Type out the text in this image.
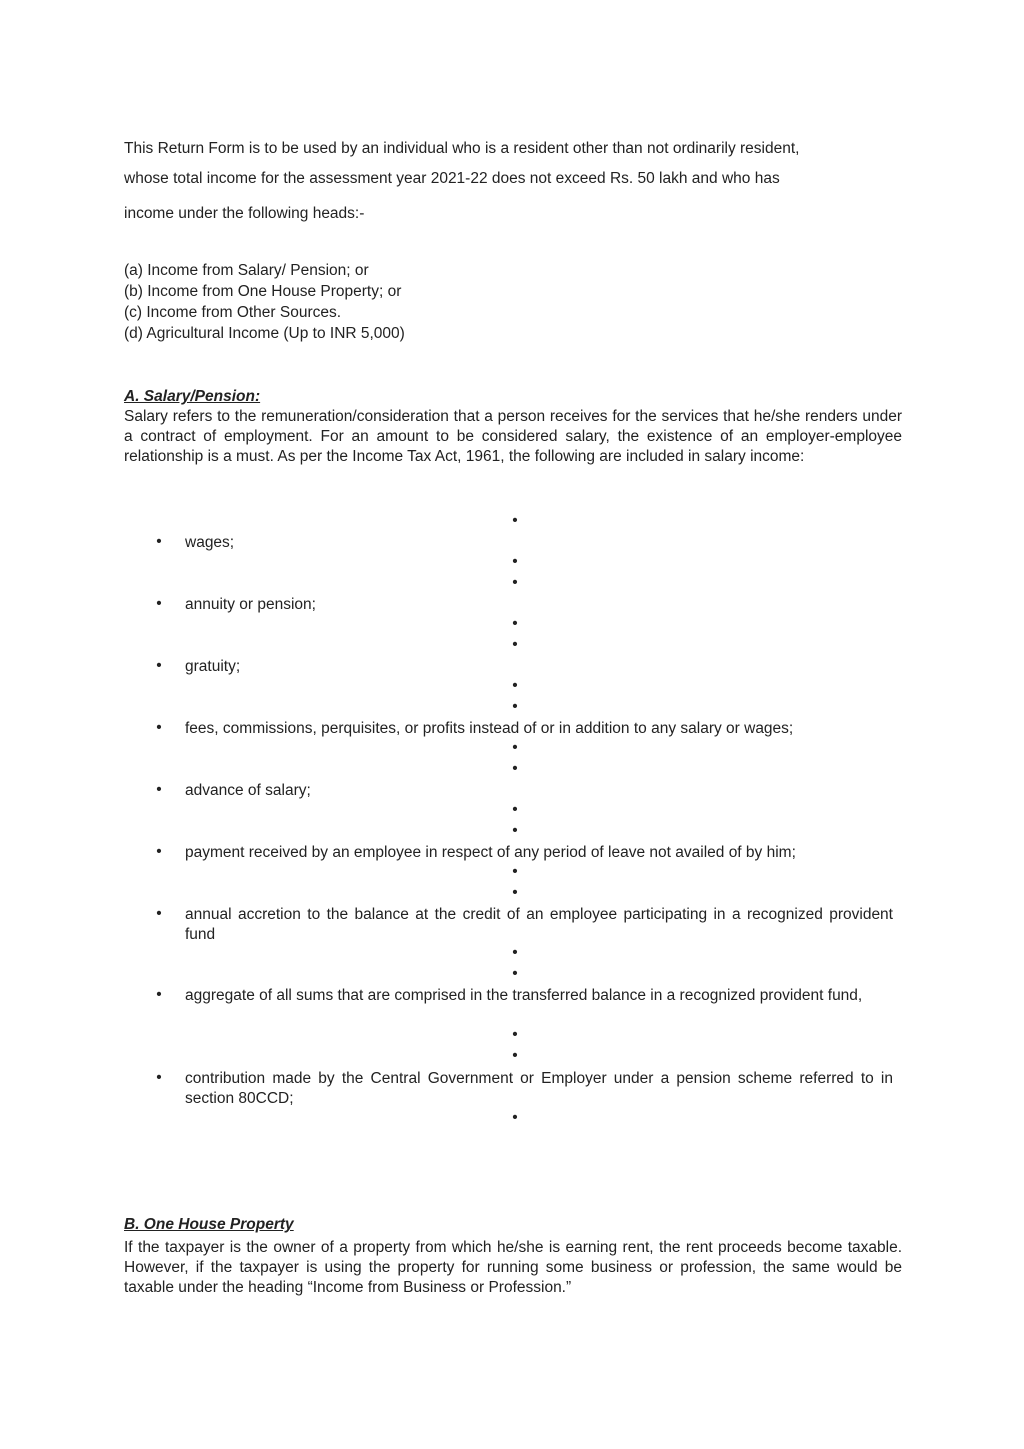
This Return Form is to be used by an individual who is a resident other than not ordinarily resident,
whose total income for the assessment year 2021-22 does not exceed Rs. 50 lakh and who has
income under the following heads:-
(a) Income from Salary/ Pension; or
(b) Income from One House Property; or
(c) Income from Other Sources.
(d) Agricultural Income (Up to INR 5,000)
A. Salary/Pension:
Salary refers to the remuneration/consideration that a person receives for the services that he/she renders under a contract of employment. For an amount to be considered salary, the existence of an employer-employee relationship is a must. As per the Income Tax Act, 1961, the following are included in salary income:
•
•
•
•
•
•
•
•
•
•
•
•
•
•
•
•
•
•
• wages;
• annuity or pension;
• gratuity;
• fees, commissions, perquisites, or profits instead of or in addition to any salary or wages;
• advance of salary;
• payment received by an employee in respect of any period of leave not availed of by him;
• annual accretion to the balance at the credit of an employee participating in a recognized provident fund
• aggregate of all sums that are comprised in the transferred balance in a recognized provident fund,
• contribution made by the Central Government or Employer under a pension scheme referred to in section 80CCD;
B. One House Property
If the taxpayer is the owner of a property from which he/she is earning rent, the rent proceeds become taxable. However, if the taxpayer is using the property for running some business or profession, the same would be taxable under the heading “Income from Business or Profession.”
